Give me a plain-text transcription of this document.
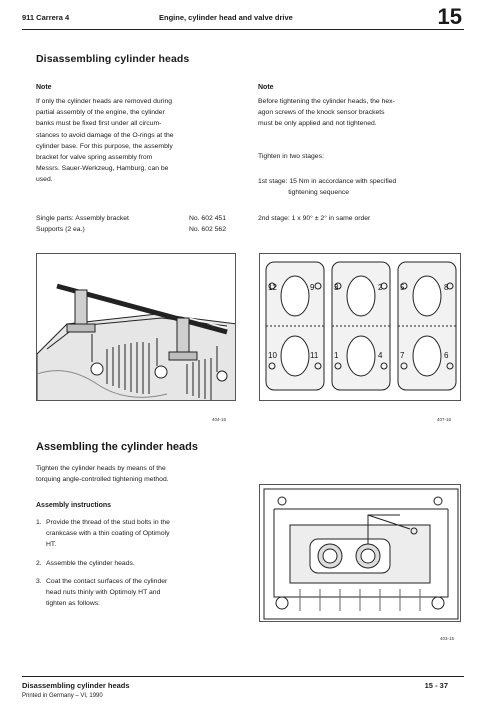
911 Carrera 4	Engine, cylinder head and valve drive	15
Disassembling cylinder heads
Note
If only the cylinder heads are removed during
partial assembly of the engine, the cylinder
banks must be fixed first under all circum-
stances to avoid damage of the O-rings at the
cylinder base. For this purpose, the assembly
bracket for valve spring assembly from
Messrs. Sauer-Werkzeug, Hamburg, can be
used.
Single parts: Assembly bracket	No. 602 451
Supports (2 ea.)	No. 602 562
Note
Before tightening the cylinder heads, the hex-
agon screws of the knock sensor brackets
must be only applied and not tightened.
Tighten in two stages:
1st stage: 15 Nm in accordance with specified
tightening sequence
2nd stage: 1 x 90° ± 2° in same order
404-16
12	9 3	2 5	8
10	11 1	4 7	6
407-16
Assembling the cylinder heads
Tighten the cylinder heads by means of the
torquing angle-controlled tightening method.
Assembly instructions
1. Provide the thread of the stud bolts in the
crankcase with a thin coating of Optimoly
HT.
2. Assemble the cylinder heads.
3. Coat the contact surfaces of the cylinder
head nuts thinly with Optimoly HT and
tighten as follows:
403-15
Disassembling cylinder heads	15 - 37
Printed in Germany – VI, 1990
